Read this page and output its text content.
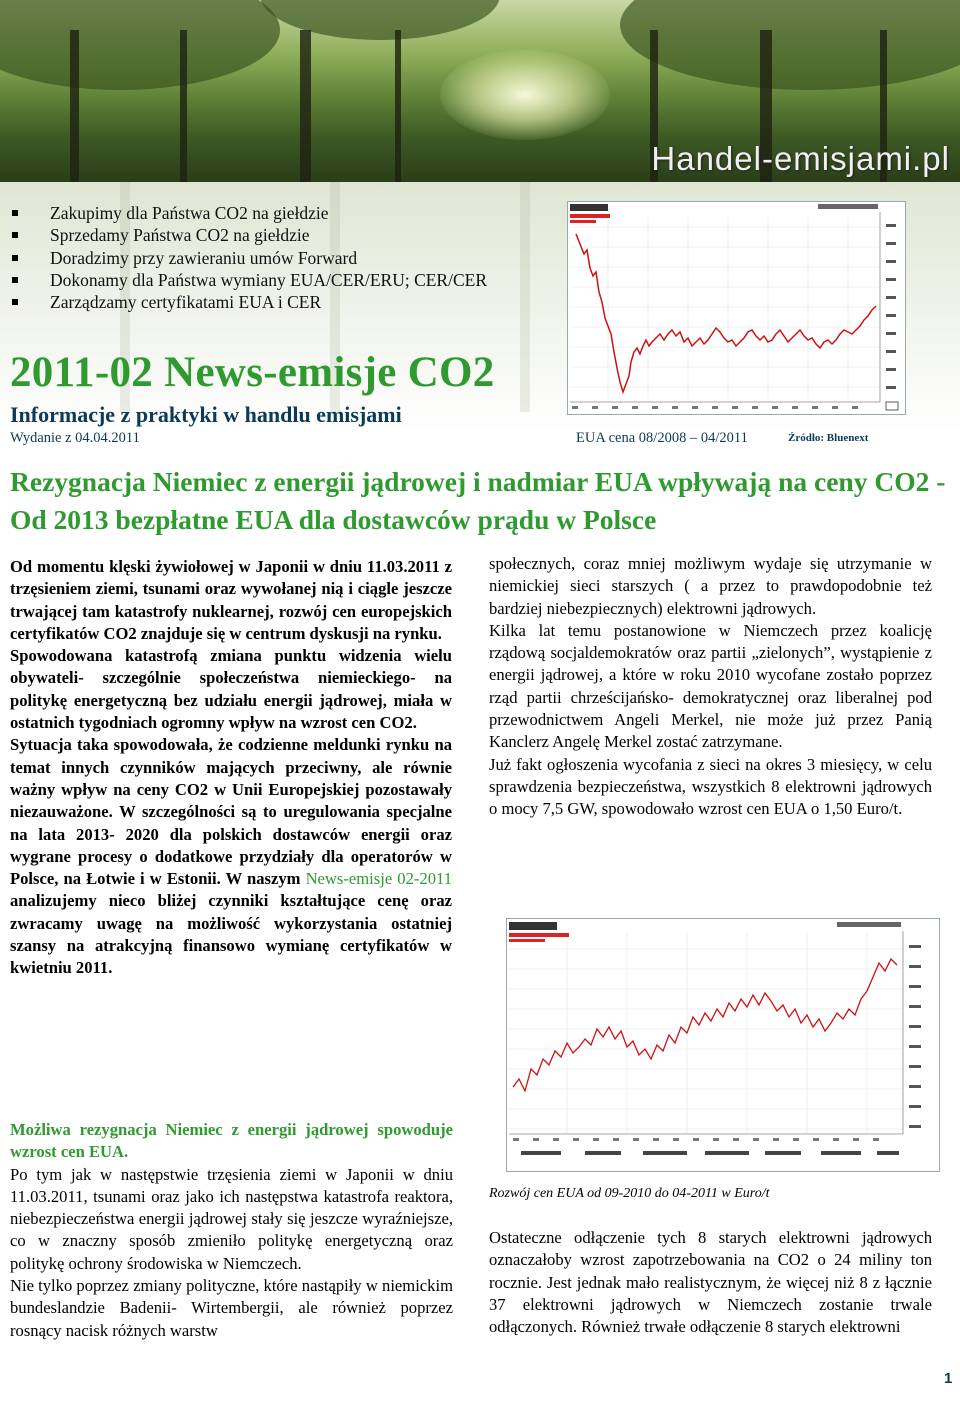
Handel-emisjami.pl
Zakupimy dla Państwa CO2 na giełdzie
Sprzedamy Państwa CO2 na giełdzie
Doradzimy przy zawieraniu umów Forward
Dokonamy dla Państwa wymiany EUA/CER/ERU; CER/CER
Zarządzamy certyfikatami EUA i CER
2011-02 News-emisje CO2
Informacje z praktyki w handlu emisjami
Wydanie z 04.04.2011	EUA cena 08/2008 – 04/2011	Źródło: Bluenext
Rezygnacja Niemiec z energii jądrowej i nadmiar EUA wpływają na ceny CO2 - Od 2013 bezpłatne EUA dla dostawców prądu w Polsce

Od momentu klęski żywiołowej w Japonii w dniu 11.03.2011 z trzęsieniem ziemi, tsunami oraz wywołanej nią i ciągle jeszcze trwającej tam katastrofy nuklearnej, rozwój cen europejskich certyfikatów CO2 znajduje się w centrum dyskusji na rynku.

Spowodowana katastrofą zmiana punktu widzenia wielu obywateli- szczególnie społeczeństwa niemieckiego- na politykę energetyczną bez udziału energii jądrowej, miała w ostatnich tygodniach ogromny wpływ na wzrost cen CO2.

Sytuacja taka spowodowała, że codzienne meldunki rynku na temat innych czynników mających przeciwny, ale równie ważny wpływ na ceny CO2 w Unii Europejskiej pozostawały niezauważone. W szczególności są to uregulowania specjalne na lata 2013- 2020 dla polskich dostawców energii oraz wygrane procesy o dodatkowe przydziały dla operatorów w Polsce, na Łotwie i w Estonii. W naszym News-emisje 02-2011 analizujemy nieco bliżej czynniki kształtujące cenę oraz zwracamy uwagę na możliwość wykorzystania ostatniej szansy na atrakcyjną finansowo wymianę certyfikatów w kwietniu 2011.

społecznych, coraz mniej możliwym wydaje się utrzymanie w niemickiej sieci starszych ( a przez to prawdopodobnie też bardziej niebezpiecznych) elektrowni jądrowych.

Kilka lat temu postanowione w Niemczech przez koalicję rządową socjaldemokratów oraz partii „zielonych”, wystąpienie z energii jądrowej, a które w roku 2010 wycofane zostało poprzez rząd partii chrześcijańsko- demokratycznej oraz liberalnej pod przewodnictwem Angeli Merkel, nie może już przez Panią Kanclerz Angelę Merkel zostać zatrzymane.

Już fakt ogłoszenia wycofania z sieci na okres 3 miesięcy, w celu sprawdzenia bezpieczeństwa, wszystkich 8 elektrowni jądrowych o mocy 7,5 GW, spowodowało wzrost cen EUA o 1,50 Euro/t.

Rozwój cen EUA od 09-2010 do 04-2011 w Euro/t

Możliwa rezygnacja Niemiec z energii jądrowej spowoduje wzrost cen EUA.

Po tym jak w następstwie trzęsienia ziemi w Japonii w dniu 11.03.2011, tsunami oraz jako ich następstwa katastrofa reaktora, niebezpieczeństwa energii jądrowej stały się jeszcze wyraźniejsze, co w znaczny sposób zmieniło politykę energetyczną oraz politykę ochrony środowiska w Niemczech.

Nie tylko poprzez zmiany polityczne, które nastąpiły w niemickim bundeslandzie Badenii- Wirtembergii, ale również poprzez rosnący nacisk różnych warstw

Ostateczne odłączenie tych 8 starych elektrowni jądrowych oznaczałoby wzrost zapotrzebowania na CO2 o 24 miliny ton rocznie. Jest jednak mało realistycznym, że więcej niż 8 z łącznie 37 elektrowni jądrowych w Niemczech zostanie trwale odłączonych. Również trwałe odłączenie 8 starych elektrowni

1
